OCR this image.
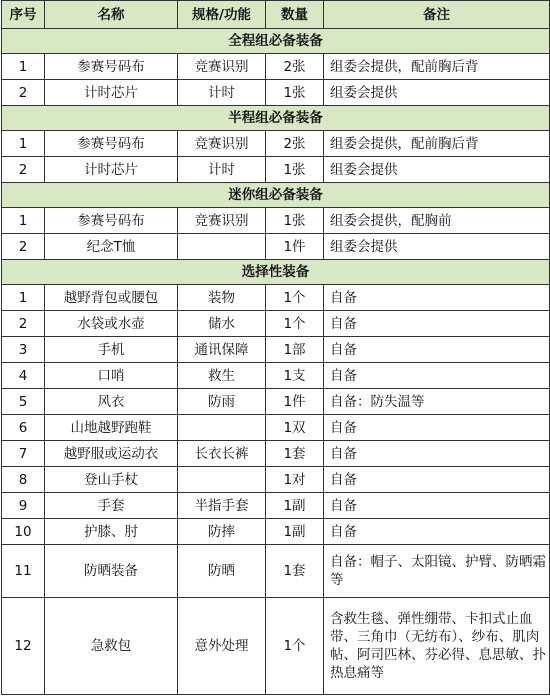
序号	名称	规格/功能	数量	备注
全程组必备装备				
1	参赛号码布	竞赛识别	2张	组委会提供，配前胸后背
2	计时芯片	计时	1张	组委会提供
半程组必备装备				
1	参赛号码布	竞赛识别	2张	组委会提供，配前胸后背
2	计时芯片	计时	1张	组委会提供
迷你组必备装备				
1	参赛号码布	竞赛识别	1张	组委会提供，配胸前
2	纪念T恤		1件	组委会提供
选择性装备				
1	越野背包或腰包	装物	1个	自备
2	水袋或水壶	储水	1个	自备
3	手机	通讯保障	1部	自备
4	口哨	救生	1支	自备
5	风衣	防雨	1件	自备：防失温等
6	山地越野跑鞋		1双	自备
7	越野服或运动衣	长衣长裤	1套	自备
8	登山手杖		1对	自备
9	手套	半指手套	1副	自备
10	护膝、肘	防摔	1副	自备
11	防晒装备	防晒	1套	自备：帽子、太阳镜、护臂、防晒霜等
12	急救包	意外处理	1个	含救生毯、弹性绷带、卡扣式止血带、三角巾（无纺布）、纱布、肌肉帖、阿司匹林、芬必得、息思敏、扑热息痛等
